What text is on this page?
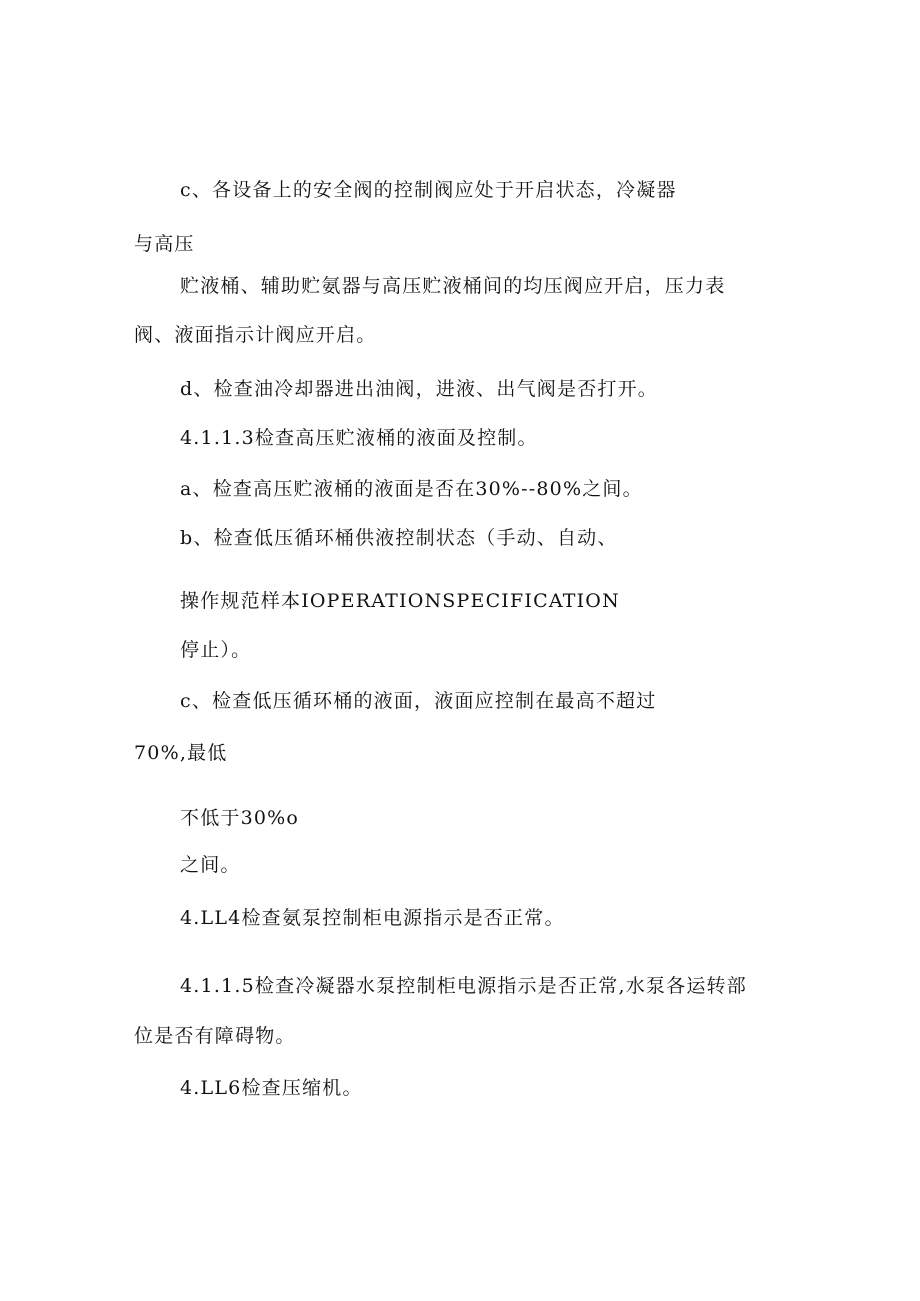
c、各设备上的安全阀的控制阀应处于开启状态，冷凝器
与高压
贮液桶、辅助贮氨器与高压贮液桶间的均压阀应开启，压力表
阀、液面指示计阀应开启。
d、检查油冷却器进出油阀，进液、出气阀是否打开。
4.1.1.3检查高压贮液桶的液面及控制。
a、检查高压贮液桶的液面是否在30%--80%之间。
b、检查低压循环桶供液控制状态（手动、自动、
操作规范样本IOPERATIONSPECIFICATION
停止）。
c、检查低压循环桶的液面，液面应控制在最高不超过
70%,最低
不低于30%o
之间。
4.LL4检查氨泵控制柜电源指示是否正常。
4.1.1.5检查冷凝器水泵控制柜电源指示是否正常,水泵各运转部
位是否有障碍物。
4.LL6检查压缩机。
